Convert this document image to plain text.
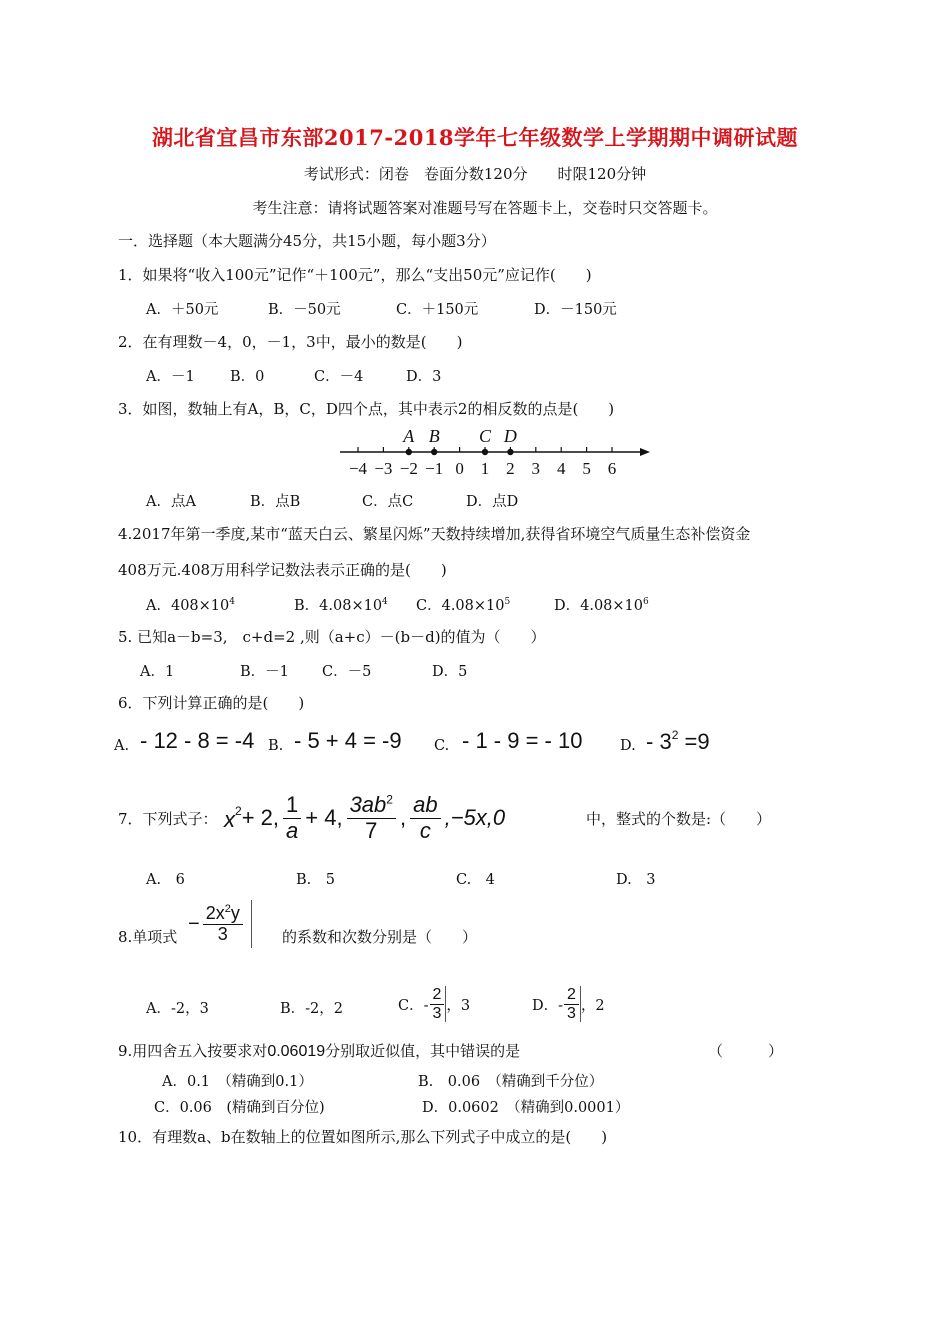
湖北省宜昌市东部2017-2018学年七年级数学上学期期中调研试题
考试形式：闭卷　卷面分数120分　　时限120分钟
考生注意：请将试题答案对准题号写在答题卡上，交卷时只交答题卡。
一．选择题（本大题满分45分，共15小题，每小题3分）
1．如果将“收入100元”记作“＋100元”，那么“支出50元”应记作(　　)
A．＋50元	B．－50元	C．＋150元	D．－150元
2．在有理数－4，0，－1，3中，最小的数是(　　)
A．－1 B．0	C．－4	D．3
3．如图，数轴上有A，B，C，D四个点，其中表示2的相反数的点是(　　)
−4 −3 −2 −1 0 1 2 3 4 5 6
A B C D
A．点A	B．点B	C．点C	D．点D
4.2017年第一季度,某市“蓝天白云、繁星闪烁”天数持续增加,获得省环境空气质量生态补偿资金
408万元.408万用科学记数法表示正确的是(　　)
A．$408\times 10^4$	B．$4.08\times 10^4$ C．$4.08\times 10^5$	D．$4.08\times 10^6$
5. 已知a－b=3,　c+d=2 ,则（a+c）－(b－d)的值为（　　）
A．1	B．－1 C．－5	D．5
6．下列计算正确的是(　　)
A. - 12 - 8 = -4 B. - 5 + 4 = -9 C. - 1 - 9 = - 10	D. - $3^2 =9$
7．下列式子： $x^2 + 2$, $\frac{1}{a} + 4$, $\frac{3ab^2}{7}$ , $\frac{ab}{c} ,-5x,0$	中，整式的个数是:（　　）
A.　6	B.　5	C.　4	D.　3
8.单项式
− $\frac{2x^2y}{3}$	的系数和次数分别是（　　）
A．-2，3	B．-2，2	C．- $\frac{2}{3}$ ，3	D．- $\frac{2}{3}$ ，2
9.用四舍五入按要求对0.06019分别取近似值，其中错误的是	（　　　）
A．0.1　（精确到0.1）	B.　0.06　（精确到千分位）
C．0.06　(精确到百分位)	D．0.0602　（精确到0.0001）
10．有理数a、b在数轴上的位置如图所示,那么下列式子中成立的是(　　)
